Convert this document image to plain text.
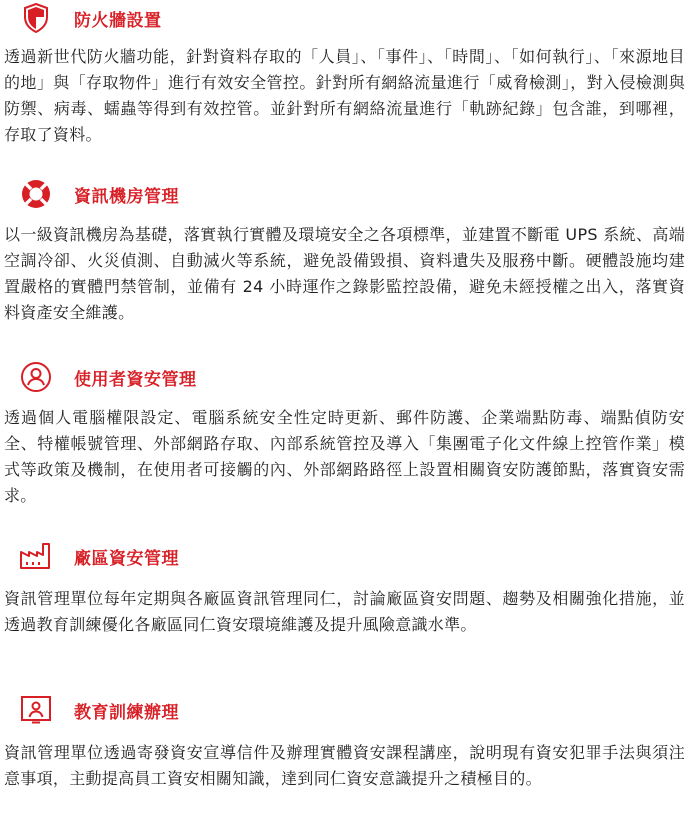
防火牆設置

透過新世代防火牆功能，針對資料存取的「人員」、「事件」、「時間」、「如何執行」、「來源地目的地」與「存取物件」進行有效安全管控。針對所有網絡流量進行「威脅檢測」，對入侵檢測與防禦、病毒、蠕蟲等得到有效控管。並針對所有網絡流量進行「軌跡紀錄」包含誰，到哪裡，存取了資料。

資訊機房管理

以一級資訊機房為基礎，落實執行實體及環境安全之各項標準，並建置不斷電 UPS 系統、高端空調冷卻、火災偵測、自動滅火等系統，避免設備毀損、資料遺失及服務中斷。硬體設施均建置嚴格的實體門禁管制，並備有 24 小時運作之錄影監控設備，避免未經授權之出入，落實資料資產安全維護。

使用者資安管理

透過個人電腦權限設定、電腦系統安全性定時更新、郵件防護、企業端點防毒、端點偵防安全、特權帳號管理、外部網路存取、內部系統管控及導入「集團電子化文件線上控管作業」模式等政策及機制，在使用者可接觸的內、外部網路路徑上設置相關資安防護節點，落實資安需求。

廠區資安管理

資訊管理單位每年定期與各廠區資訊管理同仁，討論廠區資安問題、趨勢及相關強化措施，並透過教育訓練優化各廠區同仁資安環境維護及提升風險意識水準。

教育訓練辦理

資訊管理單位透過寄發資安宣導信件及辦理實體資安課程講座，說明現有資安犯罪手法與須注意事項，主動提高員工資安相關知識，達到同仁資安意識提升之積極目的。
